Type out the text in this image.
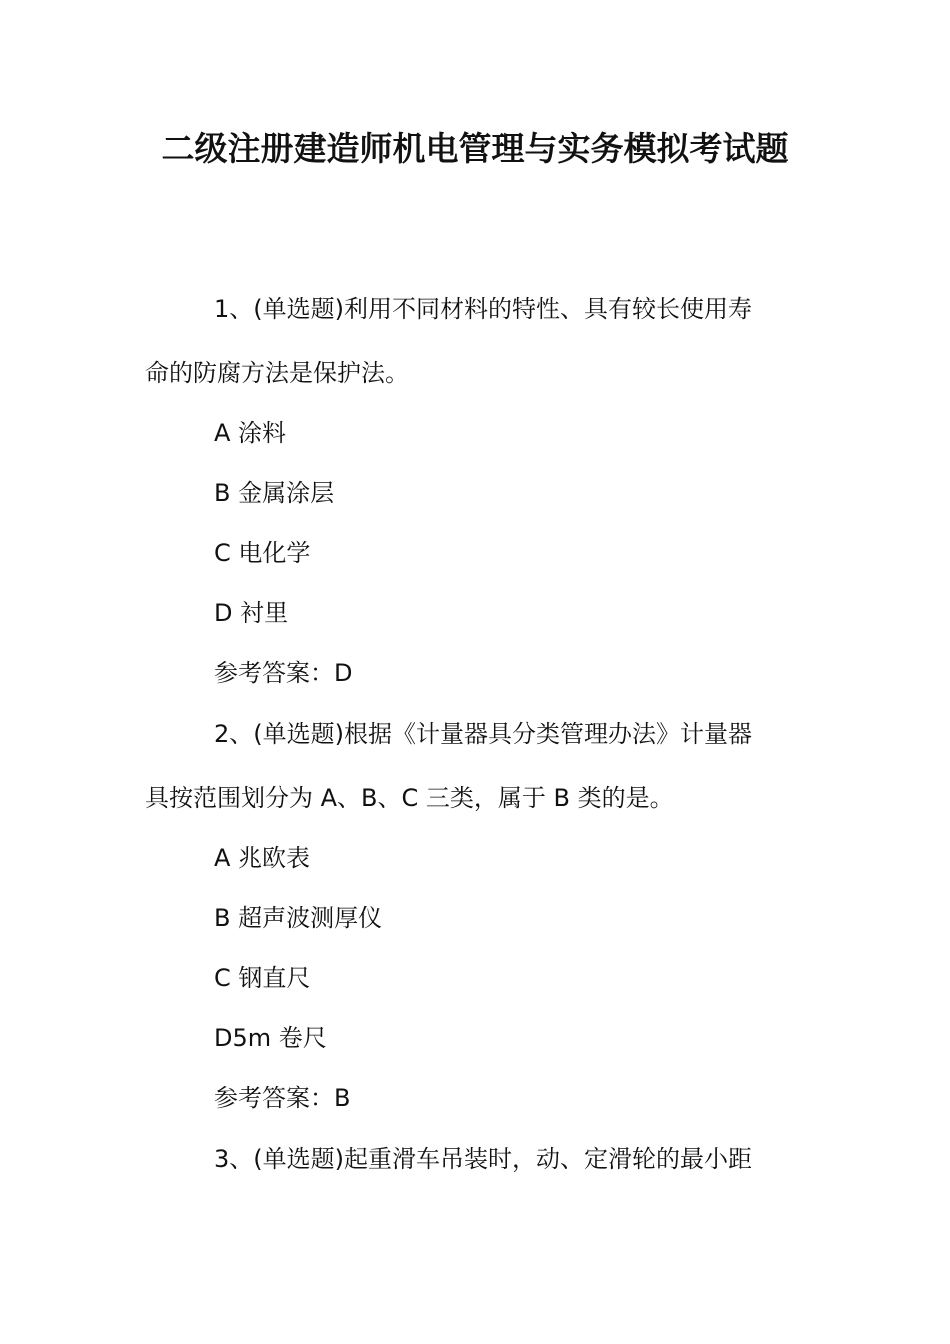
二级注册建造师机电管理与实务模拟考试题
1、(单选题)利用不同材料的特性、具有较长使用寿
命的防腐方法是保护法。
A 涂料
B 金属涂层
C 电化学
D 衬里
参考答案：D
2、(单选题)根据《计量器具分类管理办法》计量器
具按范围划分为 A、B、C 三类，属于 B 类的是。
A 兆欧表
B 超声波测厚仪
C 钢直尺
D5m 卷尺
参考答案：B
3、(单选题)起重滑车吊装时，动、定滑轮的最小距
